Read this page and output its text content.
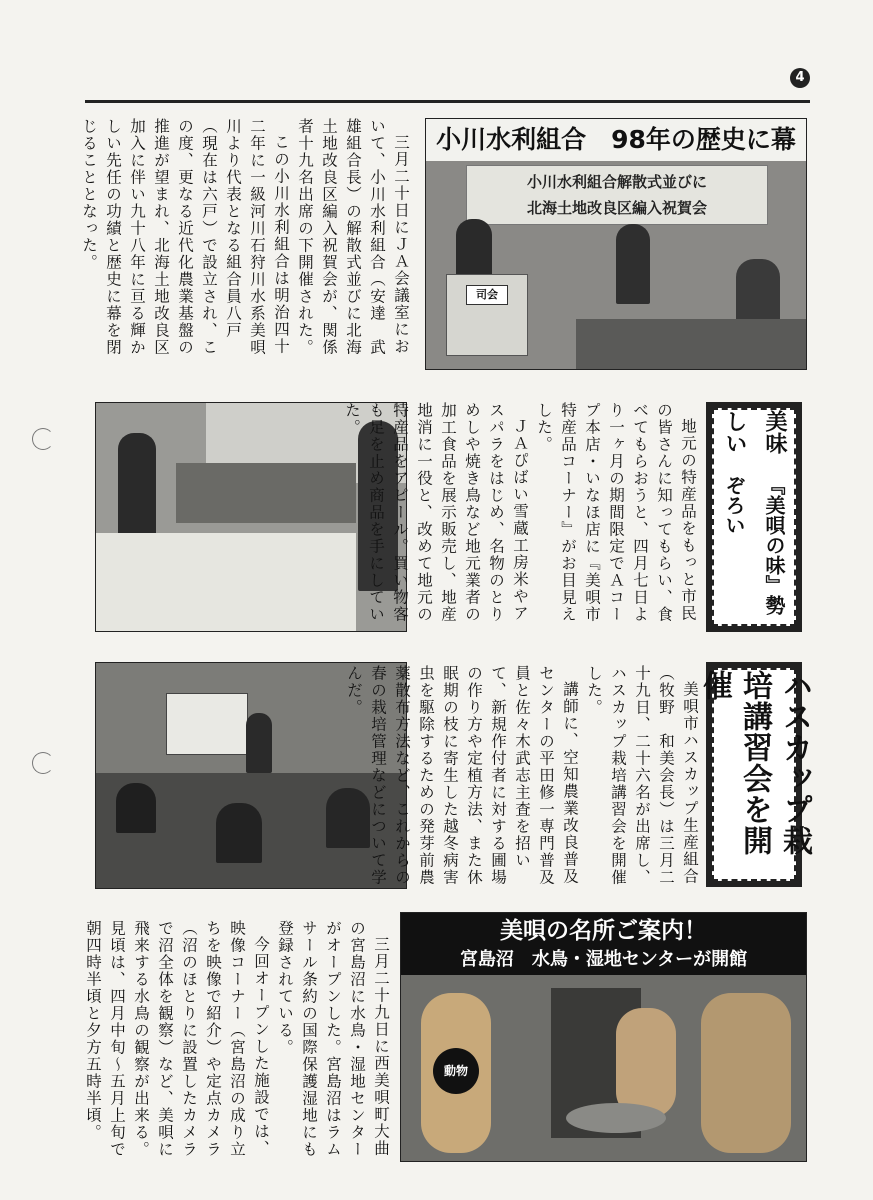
4

三月二十日にＪＡ会議室において、小川水利組合（安達　武雄組合長）の解散式並びに北海土地改良区編入祝賀会が、関係者十九名出席の下開催された。

この小川水利組合は明治四十二年に一級河川石狩川水系美唄川より代表となる組合員八戸（現在は六戸）で設立され、この度、更なる近代化農業基盤の推進が望まれ、北海土地改良区加入に伴い九十八年に亘る輝かしい先任の功績と歴史に幕を閉じることとなった。	小川水利組合　98年の歴史に幕
小川水利組合解散式並びに
北海土地改良区編入祝賀会
司会

地元の特産品をもっと市民の皆さんに知ってもらい、食べてもらおうと、四月七日より一ヶ月の期間限定でＡコープ本店・いなほ店に『美唄市特産品コーナー』がお目見えした。

ＪＡぴばい雪蔵工房米やアスパラをはじめ、名物のとりめしや焼き鳥など地元業者の加工食品を展示販売し、地産地消に一役と、改めて地元の特産品をアピール。買い物客も足を止め商品を手にしていた。	美味しい
『美唄の味』勢ぞろい

美唄市ハスカップ生産組合（牧野　和美会長）は三月二十九日、二十六名が出席し、ハスカップ栽培講習会を開催した。

講師に、空知農業改良普及センターの平田修一専門普及員と佐々木武志主査を招いて、新規作付者に対する圃場の作り方や定植方法、また休眠期の枝に寄生した越冬病害虫を駆除するための発芽前農薬散布方法など、これからの春の栽培管理などについて学んだ。	ハスカップ栽培講習会を開催

三月二十九日に西美唄町大曲の宮島沼に水鳥・湿地センターがオープンした。宮島沼はラムサール条約の国際保護湿地にも登録されている。

今回オープンした施設では、映像コーナー（宮島沼の成り立ちを映像で紹介）や定点カメラ（沼のほとりに設置したカメラで沼全体を観察）など、美唄に飛来する水鳥の観察が出来る。見頃は、四月中旬～五月上旬で朝四時半頃と夕方五時半頃。	美唄の名所ご案内！
宮島沼　水鳥・湿地センターが開館
動物
